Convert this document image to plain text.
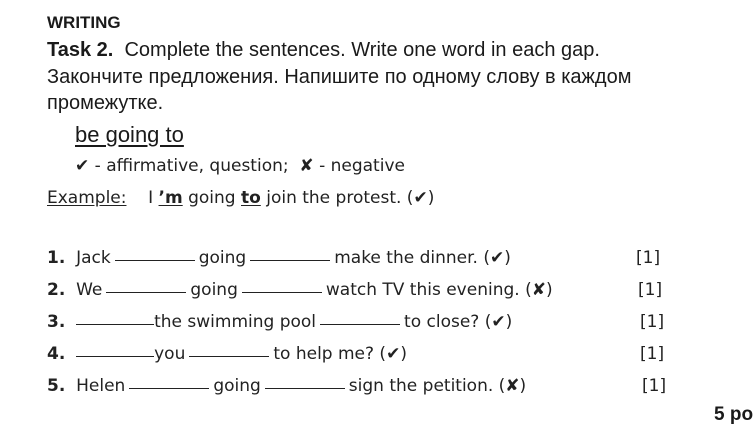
WRITING
Task 2. Complete the sentences. Write one word in each gap.
Закончите предложения. Напишите по одному слову в каждом
промежутке.
be going to
✔ - affirmative, question; ✘ - negative
Example: I ’m going to join the protest. (✔)
1. Jack	going	make the dinner. (✔)	[1]
2. We	going	watch TV this evening. (✘)	[1]
3.	the swimming pool	to close? (✔)	[1]
4.	you	to help me? (✔)	[1]
5. Helen	going	sign the petition. (✘)	[1]
5 po
